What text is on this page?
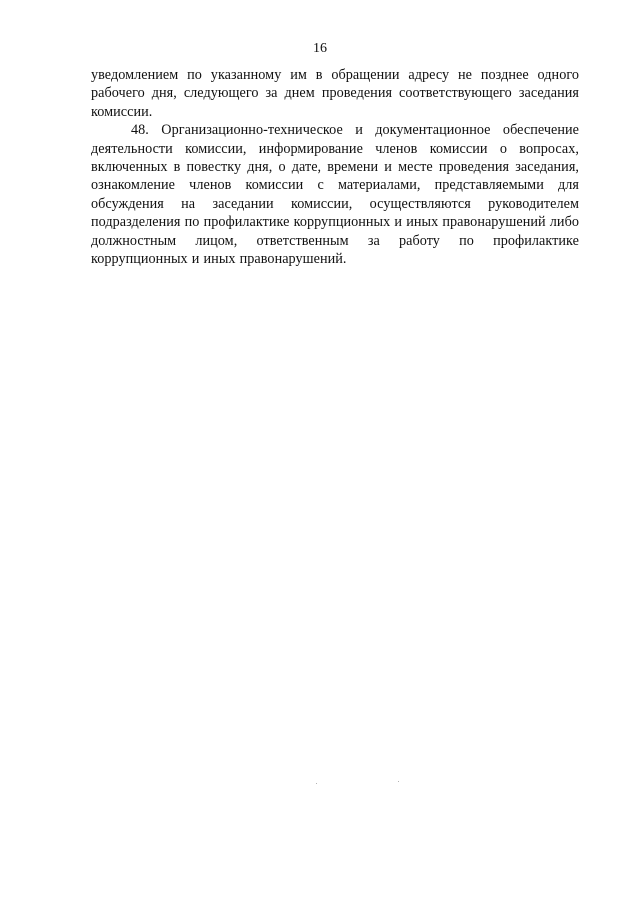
16

уведомлением по указанному им в обращении адресу не позднее одного рабочего дня, следующего за днем проведения соответствующего заседания комиссии.

48. Организационно-техническое и документационное обеспечение деятельности комиссии, информирование членов комиссии о вопросах, включенных в повестку дня, о дате, времени и месте проведения заседания, ознакомление членов комиссии с материалами, представляемыми для обсуждения на заседании комиссии, осуществляются руководителем подразделения по профилактике коррупционных и иных правонарушений либо должностным лицом, ответственным за работу по профилактике коррупционных и иных правонарушений.
